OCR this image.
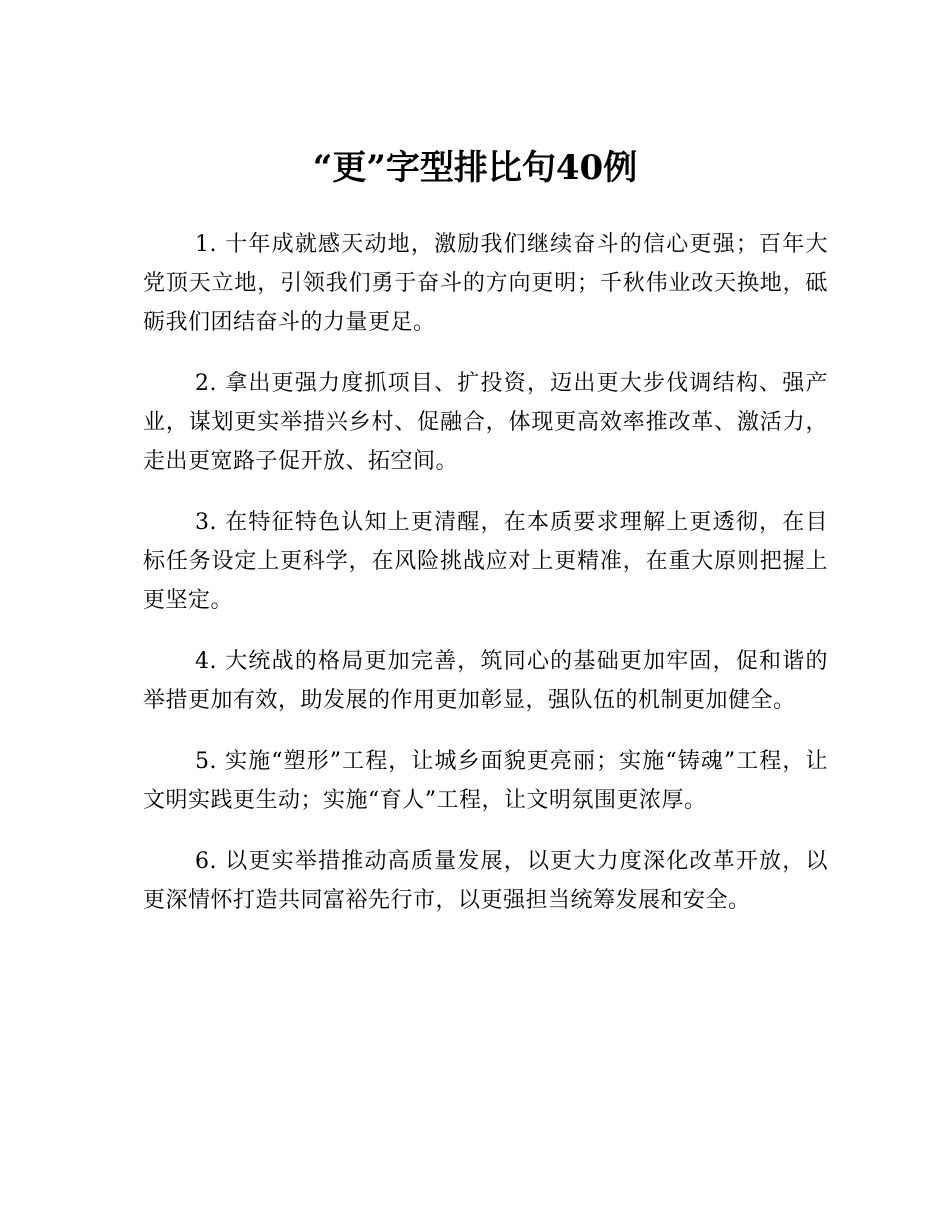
“更”字型排比句40例

1. 十年成就感天动地，激励我们继续奋斗的信心更强；百年大党顶天立地，引领我们勇于奋斗的方向更明；千秋伟业改天换地，砥砺我们团结奋斗的力量更足。

2. 拿出更强力度抓项目、扩投资，迈出更大步伐调结构、强产业，谋划更实举措兴乡村、促融合，体现更高效率推改革、激活力，走出更宽路子促开放、拓空间。

3. 在特征特色认知上更清醒，在本质要求理解上更透彻，在目标任务设定上更科学，在风险挑战应对上更精准，在重大原则把握上更坚定。

4. 大统战的格局更加完善，筑同心的基础更加牢固，促和谐的举措更加有效，助发展的作用更加彰显，强队伍的机制更加健全。

5. 实施“塑形”工程，让城乡面貌更亮丽；实施“铸魂”工程，让文明实践更生动；实施“育人”工程，让文明氛围更浓厚。

6. 以更实举措推动高质量发展，以更大力度深化改革开放，以更深情怀打造共同富裕先行市，以更强担当统筹发展和安全。
